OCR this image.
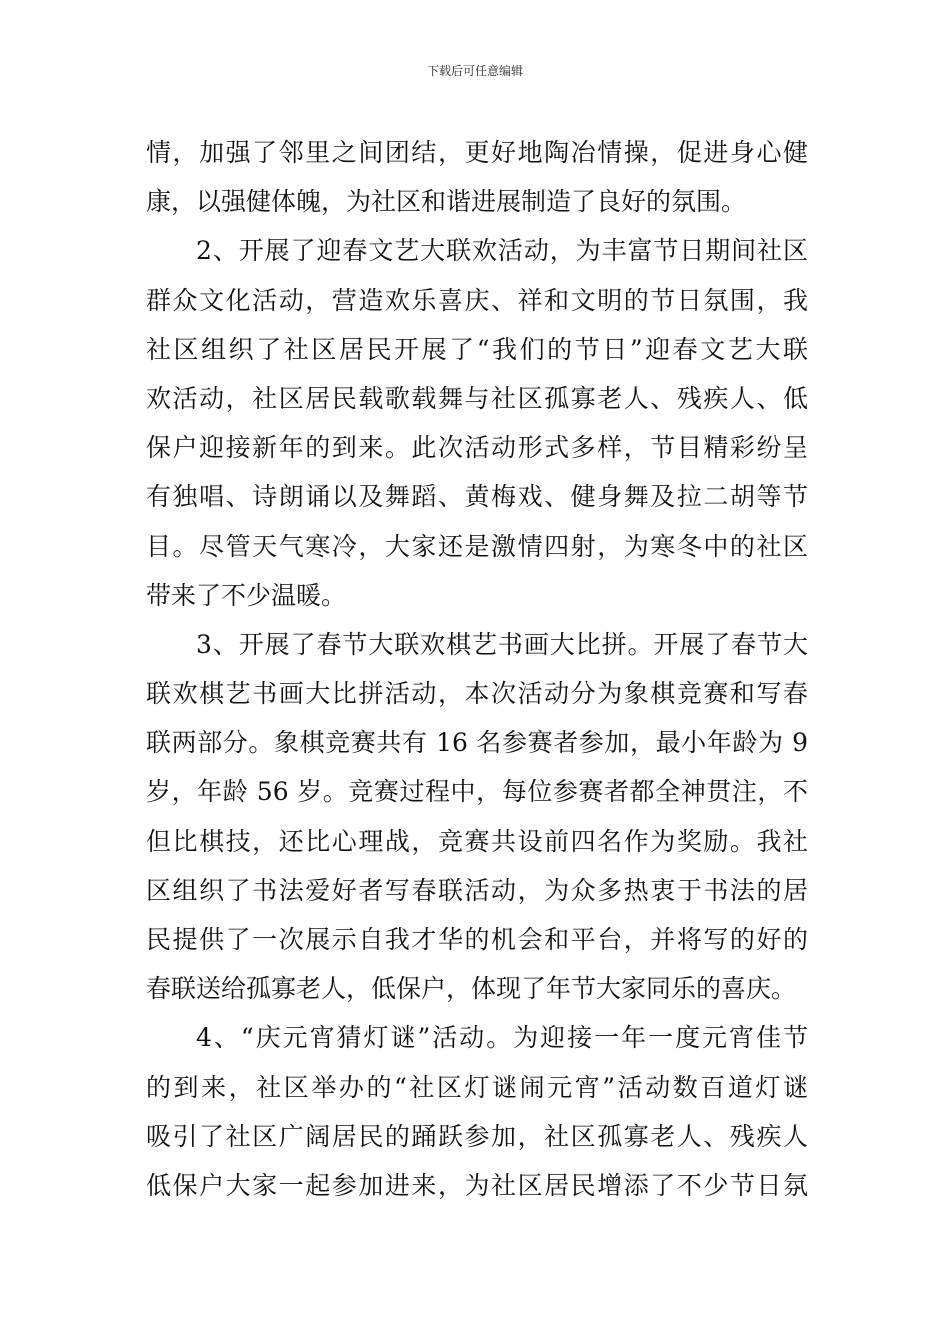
下载后可任意编辑
情，加强了邻里之间团结，更好地陶冶情操，促进身心健
康，以强健体魄，为社区和谐进展制造了良好的氛围。
2、开展了迎春文艺大联欢活动，为丰富节日期间社区
群众文化活动，营造欢乐喜庆、祥和文明的节日氛围，我
社区组织了社区居民开展了“我们的节日”迎春文艺大联
欢活动，社区居民载歌载舞与社区孤寡老人、残疾人、低
保户迎接新年的到来。此次活动形式多样，节目精彩纷呈
有独唱、诗朗诵以及舞蹈、黄梅戏、健身舞及拉二胡等节
目。尽管天气寒冷，大家还是激情四射，为寒冬中的社区
带来了不少温暖。
3、开展了春节大联欢棋艺书画大比拼。开展了春节大
联欢棋艺书画大比拼活动，本次活动分为象棋竞赛和写春
联两部分。象棋竞赛共有 16 名参赛者参加，最小年龄为 9
岁，年龄 56 岁。竞赛过程中，每位参赛者都全神贯注，不
但比棋技，还比心理战，竞赛共设前四名作为奖励。我社
区组织了书法爱好者写春联活动，为众多热衷于书法的居
民提供了一次展示自我才华的机会和平台，并将写的好的
春联送给孤寡老人，低保户，体现了年节大家同乐的喜庆。
4、“庆元宵猜灯谜”活动。为迎接一年一度元宵佳节
的到来，社区举办的“社区灯谜闹元宵”活动数百道灯谜
吸引了社区广阔居民的踊跃参加，社区孤寡老人、残疾人
低保户大家一起参加进来，为社区居民增添了不少节日氛
